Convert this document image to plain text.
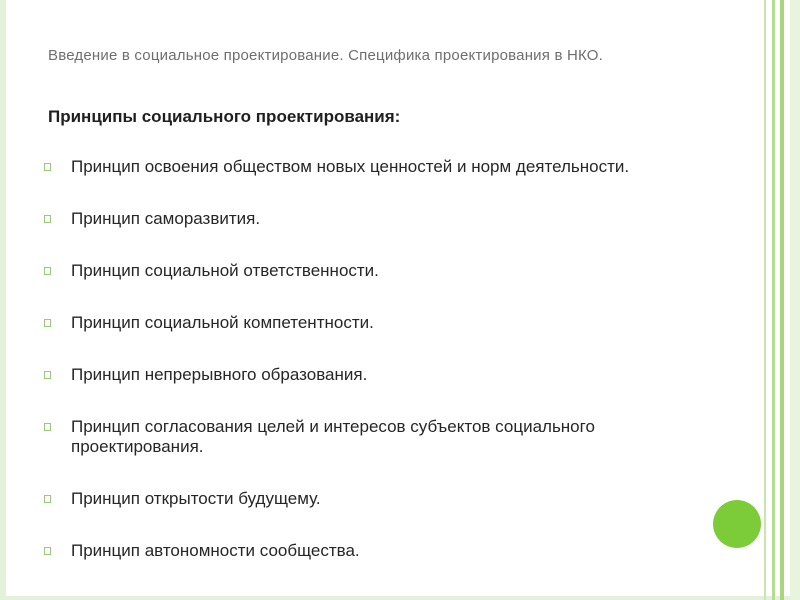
Введение в социальное проектирование. Специфика проектирования в НКО.
Принципы социального проектирования:
Принцип освоения обществом новых ценностей и норм деятельности.
Принцип саморазвития.
Принцип социальной ответственности.
Принцип социальной компетентности.
Принцип непрерывного образования.
Принцип согласования целей и интересов субъектов социального проектирования.
Принцип открытости будущему.
Принцип автономности сообщества.
